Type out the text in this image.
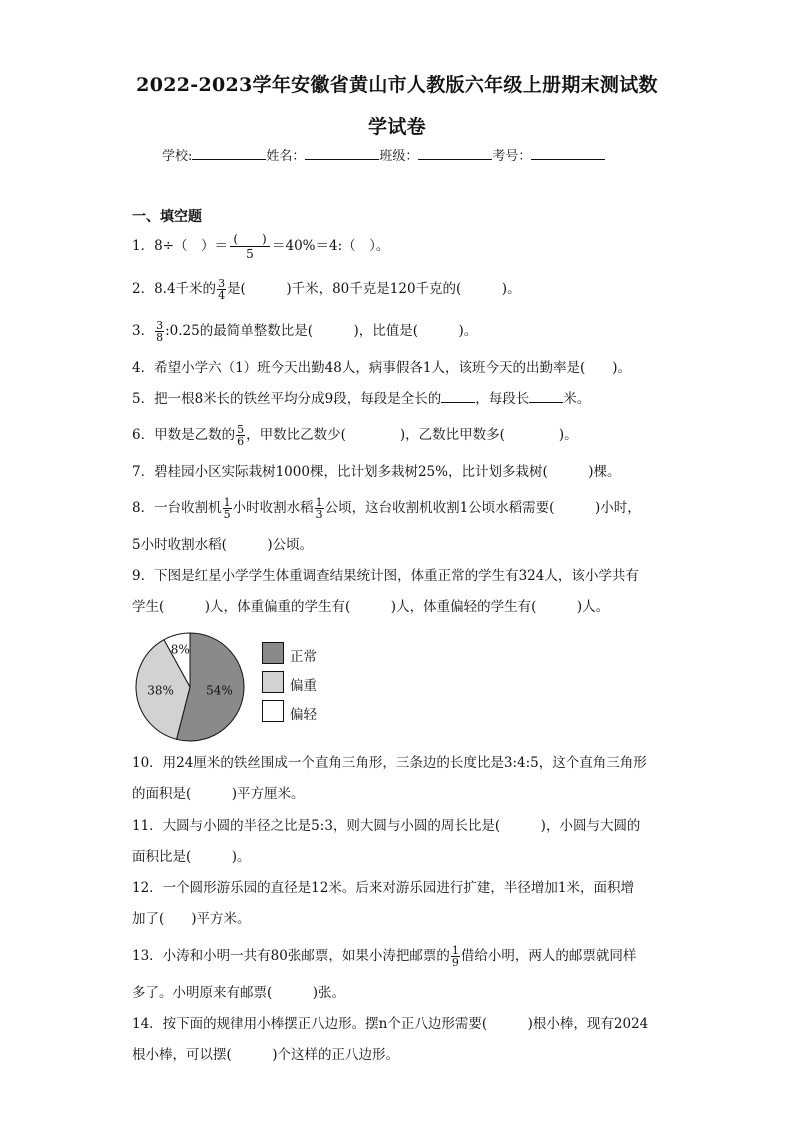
2022-2023学年安徽省黄山市人教版六年级上册期末测试数
学试卷
学校:	姓名：	班级：	考号：
一、填空题
1．8÷（　）＝ $\frac{( )}{5}$ ＝40%＝4:（　）。
2．8.4千米的 $\frac{3}{4}$ 是(　　　)千米，80千克是120千克的(　　　)。
3． $\frac{3}{8}$ :0.25的最简单整数比是(　　　)，比值是(　　　)。
4．希望小学六（1）班今天出勤48人，病事假各1人，该班今天的出勤率是(　　)。
5．把一根8米长的铁丝平均分成9段，每段是全长的	，每段长	米。
6．甲数是乙数的 $\frac{5}{6}$ ，甲数比乙数少(　　　　)，乙数比甲数多(　　　　)。
7．碧桂园小区实际栽树1000棵，比计划多栽树25%，比计划多栽树(　　　)棵。
8．一台收割机 $\frac{1}{5}$ 小时收割水稻 $\frac{1}{3}$ 公顷，这台收割机收割1公顷水稻需要(　　　)小时，
5小时收割水稻(　　　)公顷。
9．下图是红星小学学生体重调查结果统计图，体重正常的学生有324人，该小学共有
学生(　　　)人，体重偏重的学生有(　　　)人，体重偏轻的学生有(　　　)人。
54%
38%
8%	正常
偏重
偏轻
10．用24厘米的铁丝围成一个直角三角形，三条边的长度比是3:4:5，这个直角三角形
的面积是(　　　)平方厘米。
11．大圆与小圆的半径之比是5:3，则大圆与小圆的周长比是(　　　)，小圆与大圆的
面积比是(　　　)。
12．一个圆形游乐园的直径是12米。后来对游乐园进行扩建，半径增加1米，面积增
加了(　　)平方米。
13．小涛和小明一共有80张邮票，如果小涛把邮票的 $\frac{1}{9}$ 借给小明，两人的邮票就同样
多了。小明原来有邮票(　　　)张。
14．按下面的规律用小棒摆正八边形。摆n个正八边形需要(　　　)根小棒，现有2024
根小棒，可以摆(　　　)个这样的正八边形。
